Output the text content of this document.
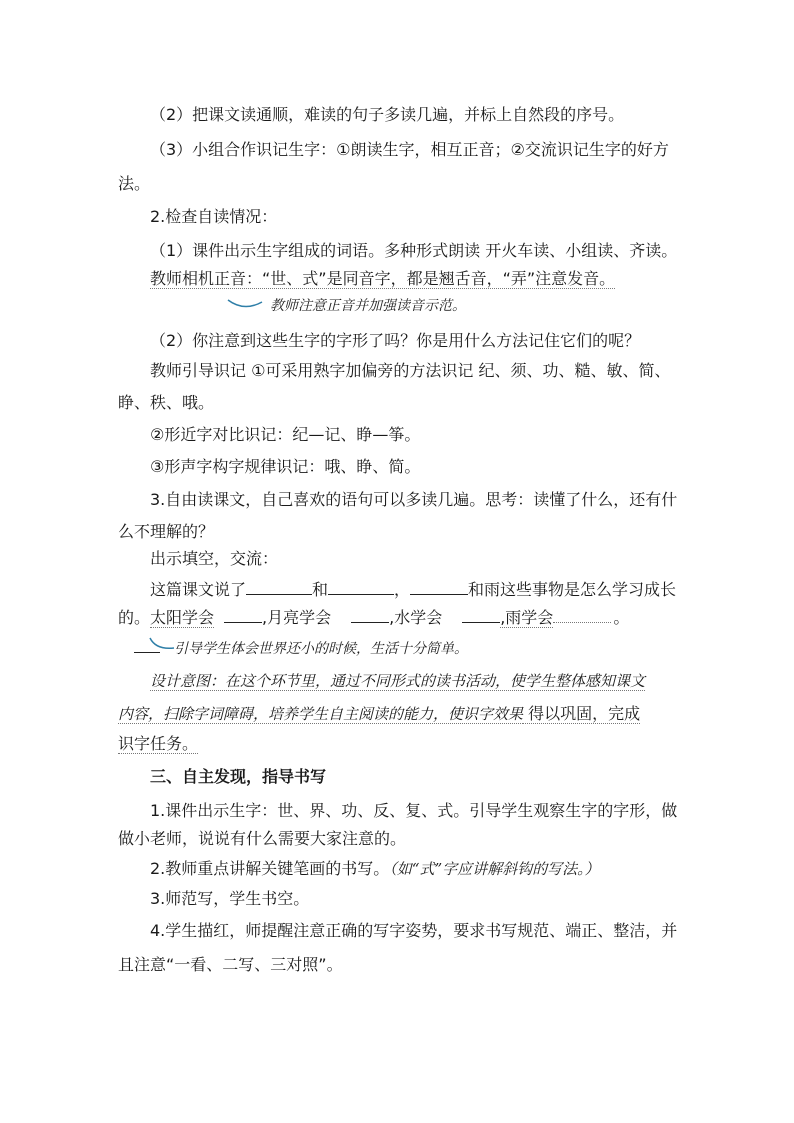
（2）把课文读通顺，难读的句子多读几遍，并标上自然段的序号。
（3）小组合作识记生字：①朗读生字，相互正音；②交流识记生字的好方
法。
2.检查自读情况：
（1）课件出示生字组成的词语。多种形式朗读 开火车读、小组读、齐读。
教师相机正音：“世、式”是同音字，都是翘舌音，“弄”注意发音。
教师注意正音并加强读音示范。
（2）你注意到这些生字的字形了吗？你是用什么方法记住它们的呢？
教师引导识记 ①可采用熟字加偏旁的方法识记 纪、须、功、糙、敏、简、
睁、秩、哦。
②形近字对比识记：纪—记、睁—筝。
③形声字构字规律识记：哦、睁、简。
3.自由读课文，自己喜欢的语句可以多读几遍。思考：读懂了什么，还有什
么不理解的？
出示填空，交流：
这篇课文说了	和	，	和雨这些事物是怎么学习成长
的。太阳学会	,月亮学会	,水学会	,雨学会	。
引导学生体会世界还小的时候，生活十分简单。
设计意图：在这个环节里，通过不同形式的读书活动，使学生整体感知课文
内容，扫除字词障碍，培养学生自主阅读的能力，使识字效果 得以巩固，完成
识字任务。
三、自主发现，指导书写
1.课件出示生字：世、界、功、反、复、式。引导学生观察生字的字形，做
做小老师，说说有什么需要大家注意的。
2.教师重点讲解关键笔画的书写。（如“式”字应讲解斜钩的写法。）
3.师范写，学生书空。
4.学生描红，师提醒注意正确的写字姿势，要求书写规范、端正、整洁，并
且注意“一看、二写、三对照”。
